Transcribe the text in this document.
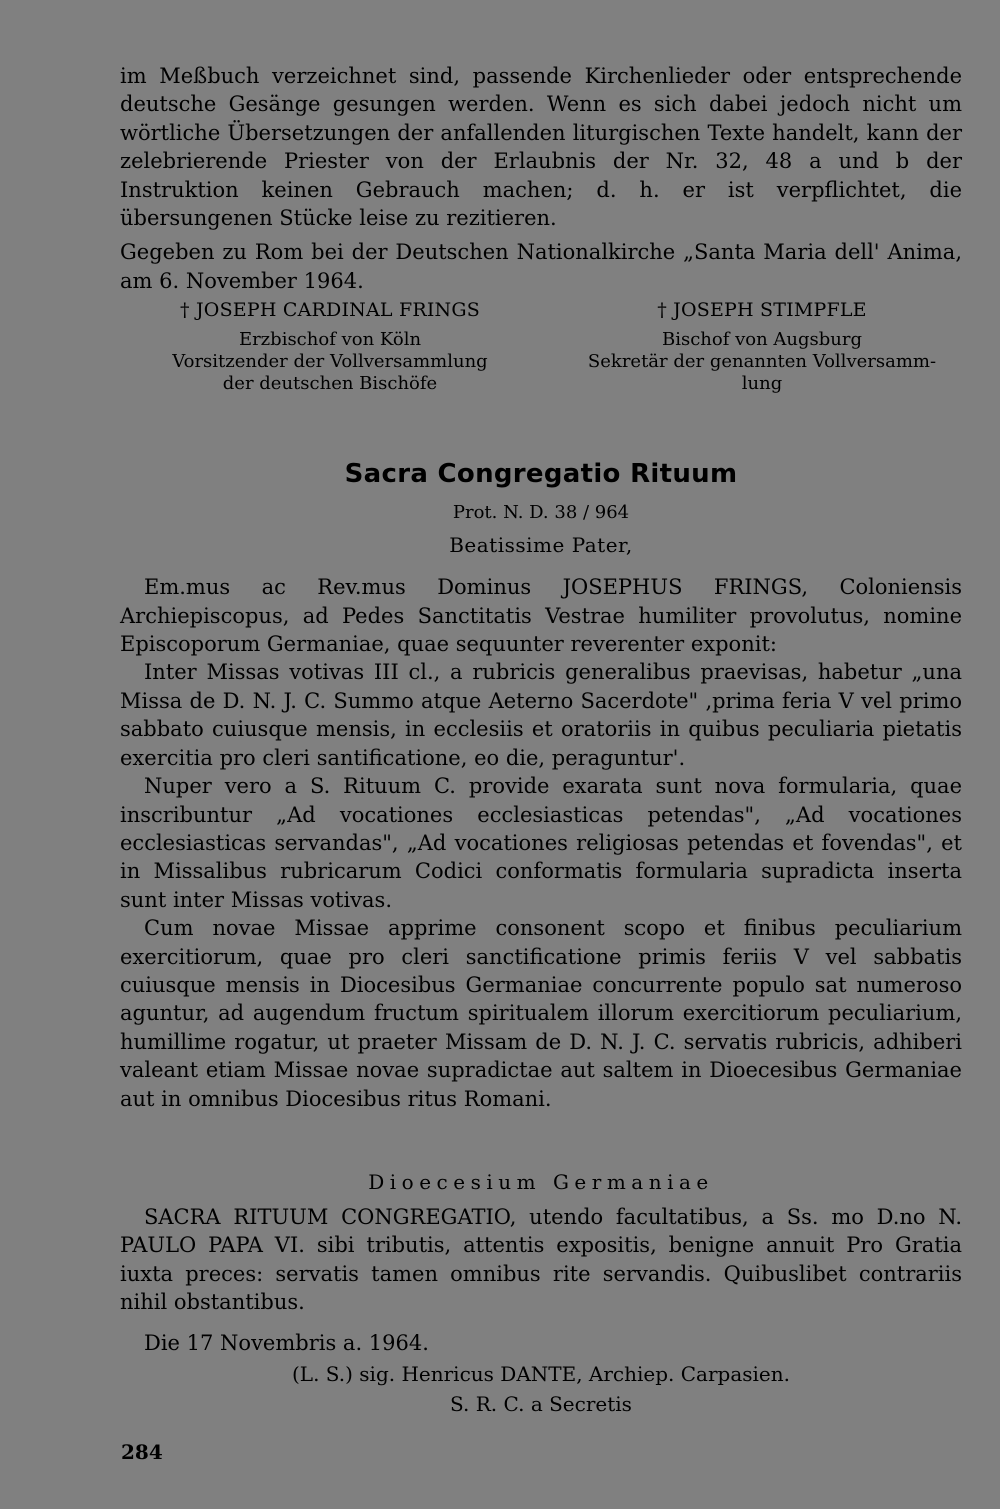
im Meßbuch verzeichnet sind, passende Kirchenlieder oder entsprechende deutsche Gesänge gesungen werden. Wenn es sich dabei jedoch nicht um wörtliche Übersetzungen der anfallenden liturgischen Texte handelt, kann der zelebrierende Priester von der Erlaubnis der Nr. 32, 48 a und b der Instruktion keinen Gebrauch machen; d. h. er ist verpflichtet, die übersungenen Stücke leise zu rezitieren.

Gegeben zu Rom bei der Deutschen Nationalkirche „Santa Maria dell' Anima, am 6. November 1964.

† JOSEPH CARDINAL FRINGS
Erzbischof von Köln
Vorsitzender der Vollversammlung
der deutschen Bischöfe
† JOSEPH STIMPFLE
Bischof von Augsburg
Sekretär der genannten Vollversamm-
lung
Sacra Congregatio Rituum
Prot. N. D. 38 / 964
Beatissime Pater,

Em.mus ac Rev.mus Dominus JOSEPHUS FRINGS, Coloniensis Archiepiscopus, ad Pedes Sanctitatis Vestrae humiliter provolutus, nomine Episcoporum Germaniae, quae sequunter reverenter exponit:

Inter Missas votivas III cl., a rubricis generalibus praevisas, habetur „una Missa de D. N. J. C. Summo atque Aeterno Sacerdote" ‚prima feria V vel primo sabbato cuiusque mensis, in ecclesiis et oratoriis in quibus peculiaria pietatis exercitia pro cleri santificatione, eo die, peraguntur'.

Nuper vero a S. Rituum C. provide exarata sunt nova formularia, quae inscribuntur „Ad vocationes ecclesiasticas petendas", „Ad vocationes ecclesiasticas servandas", „Ad vocationes religiosas petendas et fovendas", et in Missalibus rubricarum Codici conformatis formularia supradicta inserta sunt inter Missas votivas.

Cum novae Missae apprime consonent scopo et finibus peculiarium exercitiorum, quae pro cleri sanctificatione primis feriis V vel sabbatis cuiusque mensis in Diocesibus Germaniae concurrente populo sat numeroso aguntur, ad augendum fructum spiritualem illorum exercitiorum peculiarium, humillime rogatur, ut praeter Missam de D. N. J. C. servatis rubricis, adhiberi valeant etiam Missae novae supradictae aut saltem in Dioecesibus Germaniae aut in omnibus Diocesibus ritus Romani.

Dioecesium Germaniae

SACRA RITUUM CONGREGATIO, utendo facultatibus, a Ss. mo D.no N. PAULO PAPA VI. sibi tributis, attentis expositis, benigne annuit Pro Gratia iuxta preces: servatis tamen omnibus rite servandis. Quibuslibet contrariis nihil obstantibus.

Die 17 Novembris a. 1964.

(L. S.) sig. Henricus DANTE, Archiep. Carpasien.
S. R. C. a Secretis
284
